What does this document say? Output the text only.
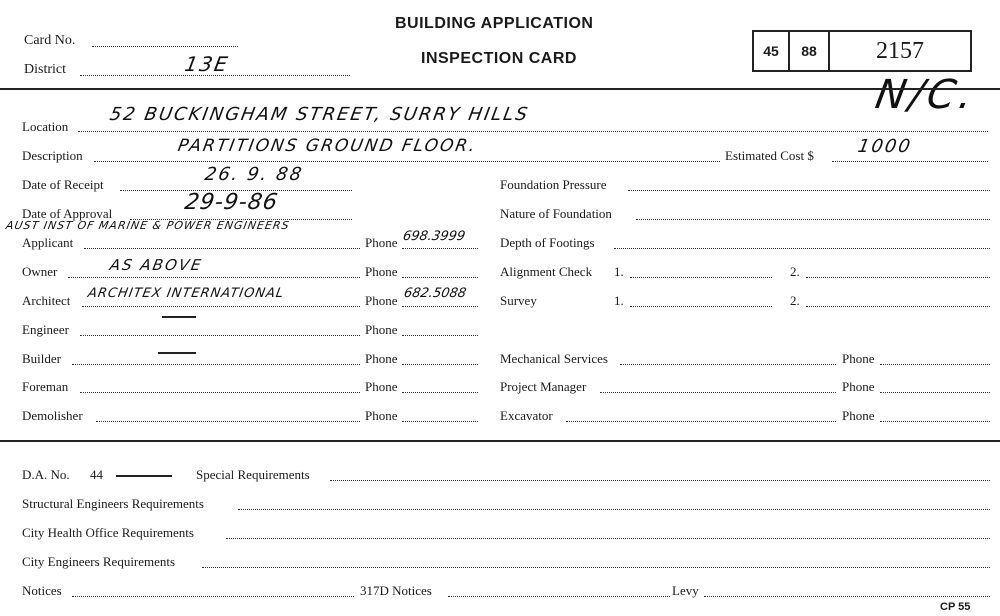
Card No.
District	13E
BUILDING APPLICATION
INSPECTION CARD	45 88 2157
N/C.
Location
52 BUCKINGHAM STREET, SURRY HILLS
Description	PARTITIONS GROUND FLOOR.	Estimated Cost $ 1000
Date of Receipt	26. 9. 88
Date of Approval	29-9-86
AUST INST OF MARINE & POWER ENGINEERS
Applicant	Phone 698.3999
Owner	AS ABOVE	Phone
Architect ARCHITEX INTERNATIONAL	Phone 682.5088
Engineer	Phone
Builder	Phone
Foreman	Phone
Demolisher	Phone
Foundation Pressure
Nature of Foundation
Depth of Footings
Alignment Check 1.	2.
Survey	1.	2.
Mechanical Services	Phone
Project Manager	Phone
Excavator	Phone
D.A. No. 44	Special Requirements
Structural Engineers Requirements
City Health Office Requirements
City Engineers Requirements
Notices	317D Notices	Levy
CP 55
